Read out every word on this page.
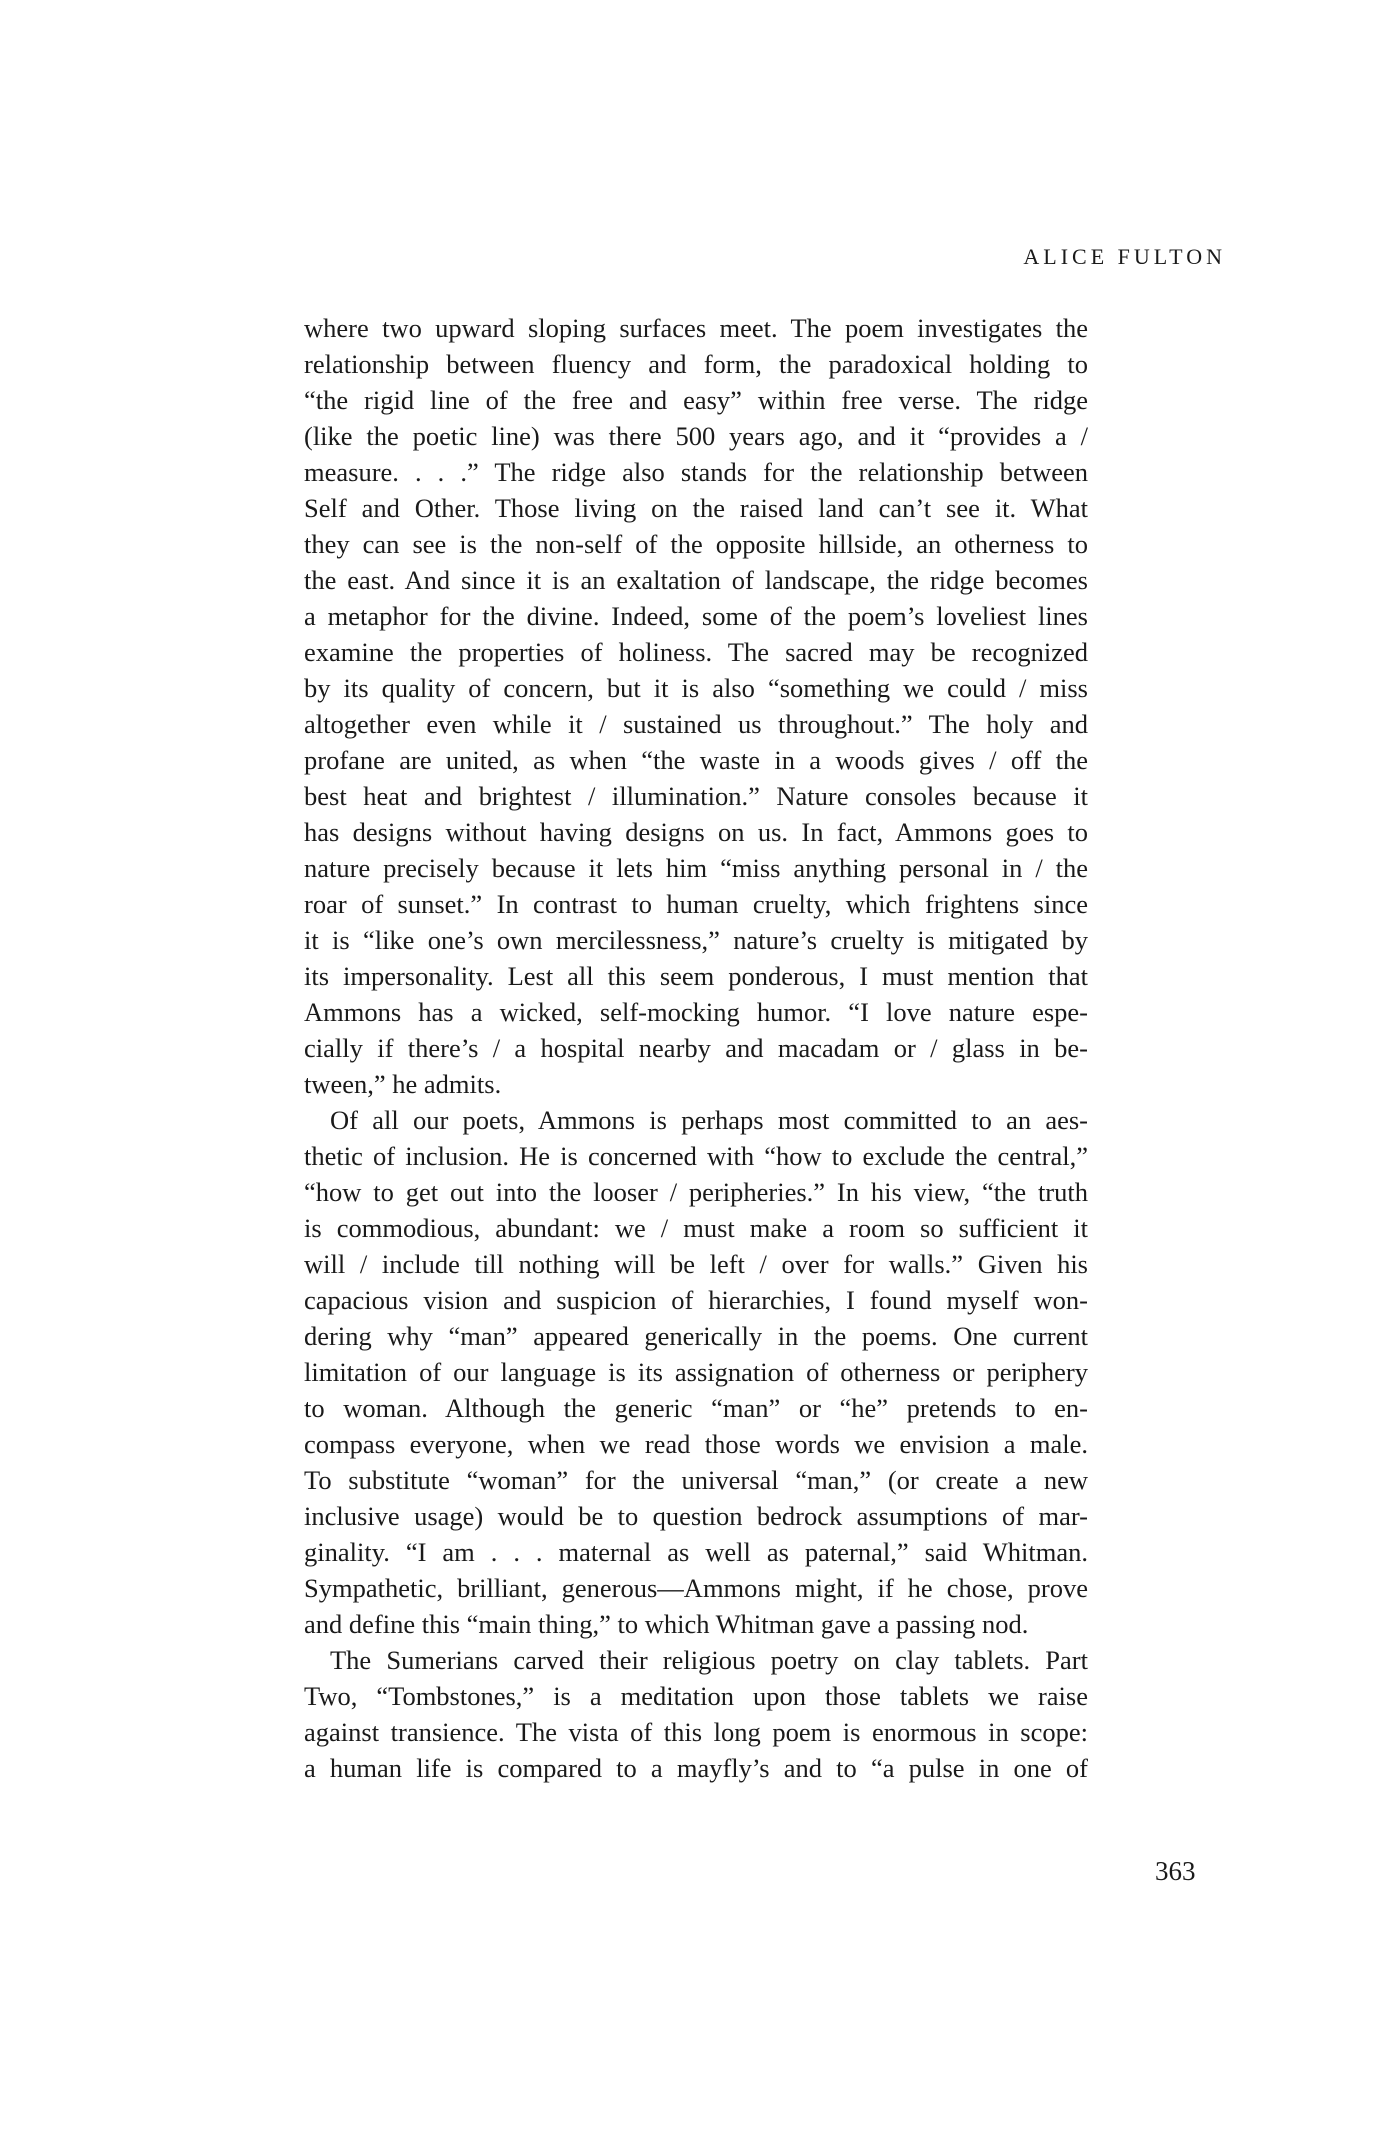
ALICE FULTON
where two upward sloping surfaces meet. The poem investigates the
relationship between fluency and form, the paradoxical holding to
“the rigid line of the free and easy” within free verse. The ridge
(like the poetic line) was there 500 years ago, and it “provides a /
measure. . . .” The ridge also stands for the relationship between
Self and Other. Those living on the raised land can’t see it. What
they can see is the non-self of the opposite hillside, an otherness to
the east. And since it is an exaltation of landscape, the ridge becomes
a metaphor for the divine. Indeed, some of the poem’s loveliest lines
examine the properties of holiness. The sacred may be recognized
by its quality of concern, but it is also “something we could / miss
altogether even while it / sustained us throughout.” The holy and
profane are united, as when “the waste in a woods gives / off the
best heat and brightest / illumination.” Nature consoles because it
has designs without having designs on us. In fact, Ammons goes to
nature precisely because it lets him “miss anything personal in / the
roar of sunset.” In contrast to human cruelty, which frightens since
it is “like one’s own mercilessness,” nature’s cruelty is mitigated by
its impersonality. Lest all this seem ponderous, I must mention that
Ammons has a wicked, self-mocking humor. “I love nature espe-
cially if there’s / a hospital nearby and macadam or / glass in be-
tween,” he admits.
Of all our poets, Ammons is perhaps most committed to an aes-
thetic of inclusion. He is concerned with “how to exclude the central,”
“how to get out into the looser / peripheries.” In his view, “the truth
is commodious, abundant: we / must make a room so sufficient it
will / include till nothing will be left / over for walls.” Given his
capacious vision and suspicion of hierarchies, I found myself won-
dering why “man” appeared generically in the poems. One current
limitation of our language is its assignation of otherness or periphery
to woman. Although the generic “man” or “he” pretends to en-
compass everyone, when we read those words we envision a male.
To substitute “woman” for the universal “man,” (or create a new
inclusive usage) would be to question bedrock assumptions of mar-
ginality. “I am . . . maternal as well as paternal,” said Whitman.
Sympathetic, brilliant, generous—Ammons might, if he chose, prove
and define this “main thing,” to which Whitman gave a passing nod.
The Sumerians carved their religious poetry on clay tablets. Part
Two, “Tombstones,” is a meditation upon those tablets we raise
against transience. The vista of this long poem is enormous in scope:
a human life is compared to a mayfly’s and to “a pulse in one of
363
